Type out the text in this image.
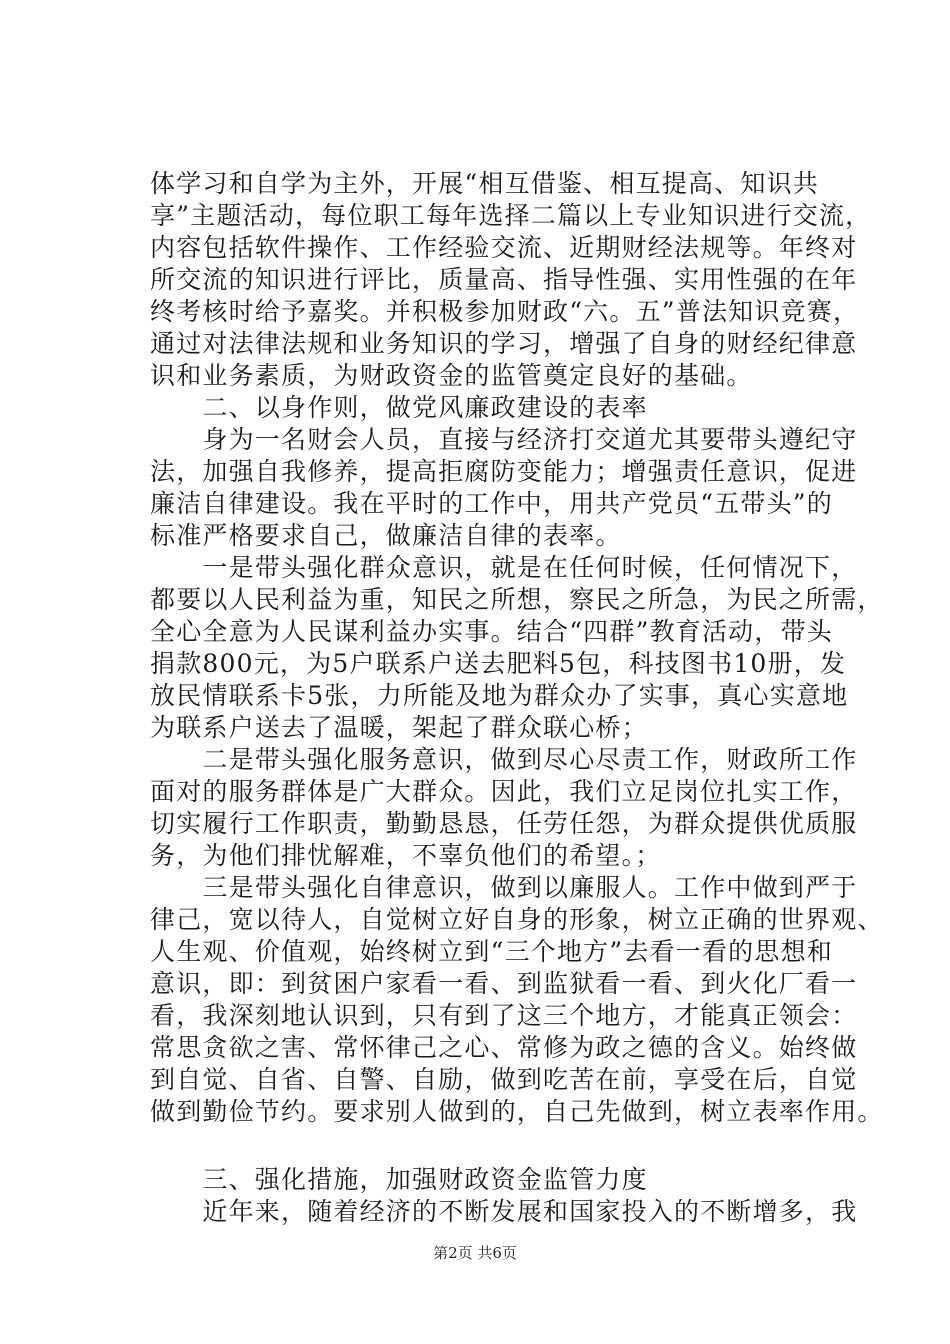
体学习和自学为主外，开展“相互借鉴、相互提高、知识共
享”主题活动，每位职工每年选择二篇以上专业知识进行交流，
内容包括软件操作、工作经验交流、近期财经法规等。年终对
所交流的知识进行评比，质量高、指导性强、实用性强的在年
终考核时给予嘉奖。并积极参加财政“六。五”普法知识竞赛，
通过对法律法规和业务知识的学习，增强了自身的财经纪律意
识和业务素质，为财政资金的监管奠定良好的基础。
　　二、以身作则，做党风廉政建设的表率
　　身为一名财会人员，直接与经济打交道尤其要带头遵纪守
法，加强自我修养，提高拒腐防变能力；增强责任意识，促进
廉洁自律建设。我在平时的工作中，用共产党员“五带头”的
标准严格要求自己，做廉洁自律的表率。
　　一是带头强化群众意识，就是在任何时候，任何情况下，
都要以人民利益为重，知民之所想，察民之所急，为民之所需，
全心全意为人民谋利益办实事。结合“四群”教育活动，带头
捐款800元，为5户联系户送去肥料5包，科技图书10册，发
放民情联系卡5张，力所能及地为群众办了实事，真心实意地
为联系户送去了温暖，架起了群众联心桥；
　　二是带头强化服务意识，做到尽心尽责工作，财政所工作
面对的服务群体是广大群众。因此，我们立足岗位扎实工作，
切实履行工作职责，勤勤恳恳，任劳任怨，为群众提供优质服
务，为他们排忧解难，不辜负他们的希望。；
　　三是带头强化自律意识，做到以廉服人。工作中做到严于
律己，宽以待人，自觉树立好自身的形象，树立正确的世界观、
人生观、价值观，始终树立到“三个地方”去看一看的思想和
意识，即：到贫困户家看一看、到监狱看一看、到火化厂看一
看，我深刻地认识到，只有到了这三个地方，才能真正领会：
常思贪欲之害、常怀律己之心、常修为政之德的含义。始终做
到自觉、自省、自警、自励，做到吃苦在前，享受在后，自觉
做到勤俭节约。要求别人做到的，自己先做到，树立表率作用。
　　三、强化措施，加强财政资金监管力度
　　近年来，随着经济的不断发展和国家投入的不断增多，我
第2页 共6页
